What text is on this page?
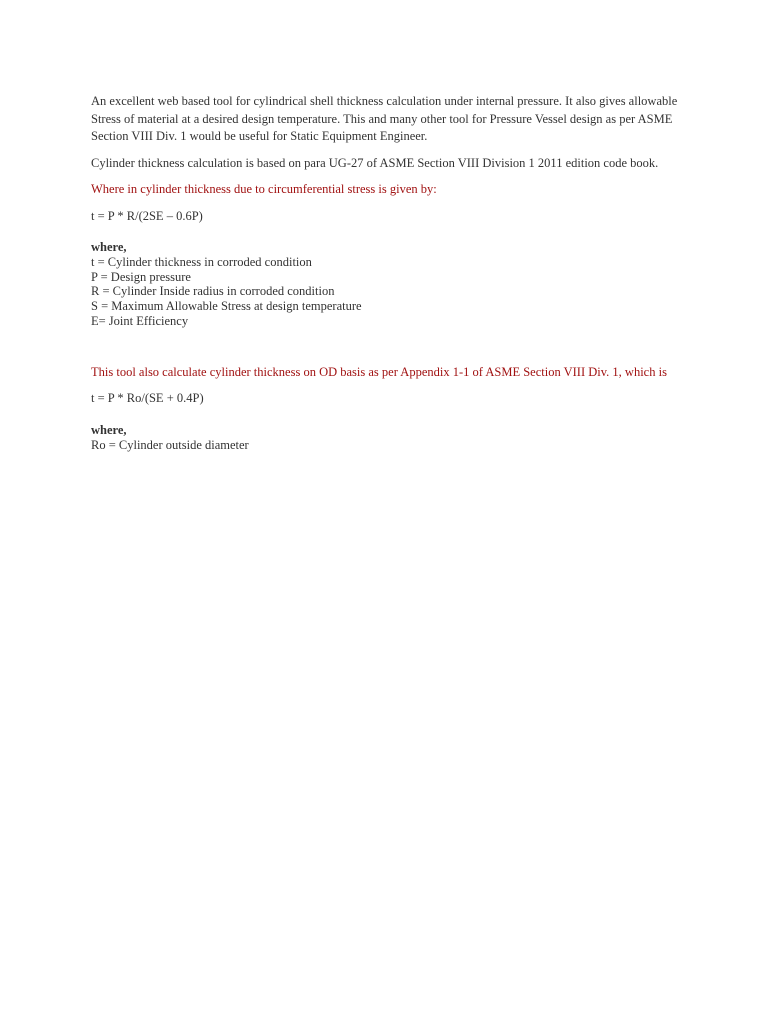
An excellent web based tool for cylindrical shell thickness calculation under internal pressure. It also gives allowable Stress of material at a desired design temperature. This and many other tool for Pressure Vessel design as per ASME Section VIII Div. 1 would be useful for Static Equipment Engineer.

Cylinder thickness calculation is based on para UG-27 of ASME Section VIII Division 1 2011 edition code book.

Where in cylinder thickness due to circumferential stress is given by:

t = P * R/(2SE – 0.6P)

where,
t = Cylinder thickness in corroded condition
P = Design pressure
R = Cylinder Inside radius in corroded condition
S = Maximum Allowable Stress at design temperature
E= Joint Efficiency

This tool also calculate cylinder thickness on OD basis as per Appendix 1-1 of ASME Section VIII Div. 1, which is

t = P * Ro/(SE + 0.4P)

where,
Ro = Cylinder outside diameter
